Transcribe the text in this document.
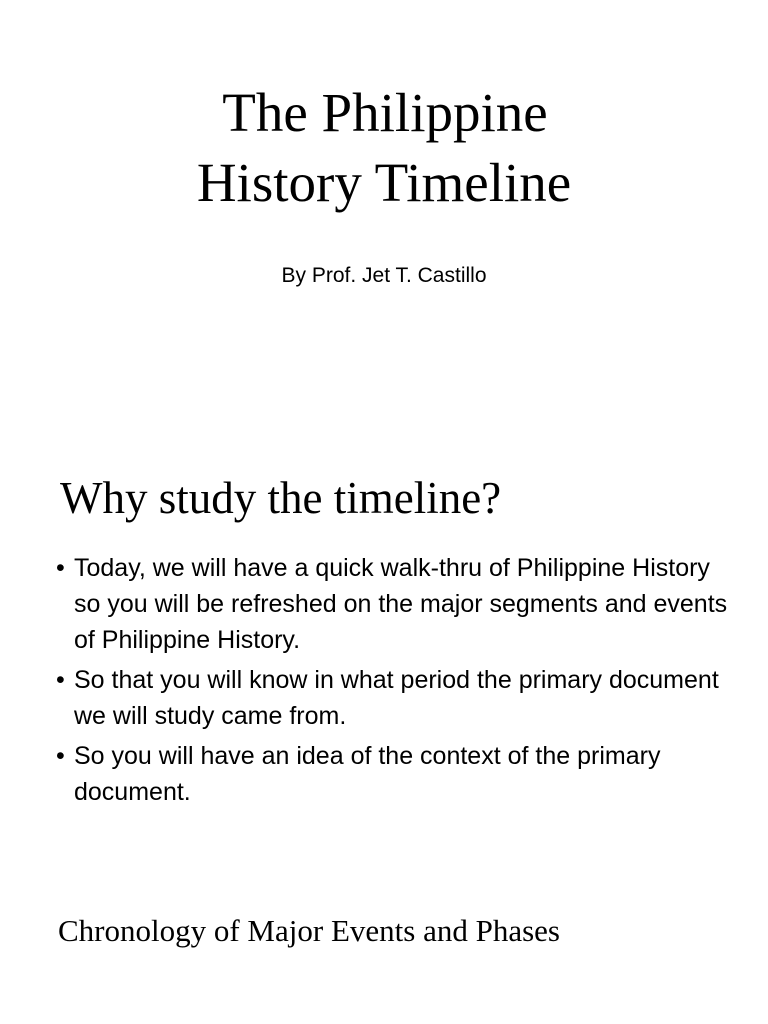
The Philippine
History Timeline
By Prof. Jet T. Castillo
Why study the timeline?
• Today, we will have a quick walk-thru of Philippine History so you will be refreshed on the major segments and events of Philippine History.
• So that you will know in what period the primary document we will study came from.
• So you will have an idea of the context of the primary document.
Chronology of Major Events and Phases
